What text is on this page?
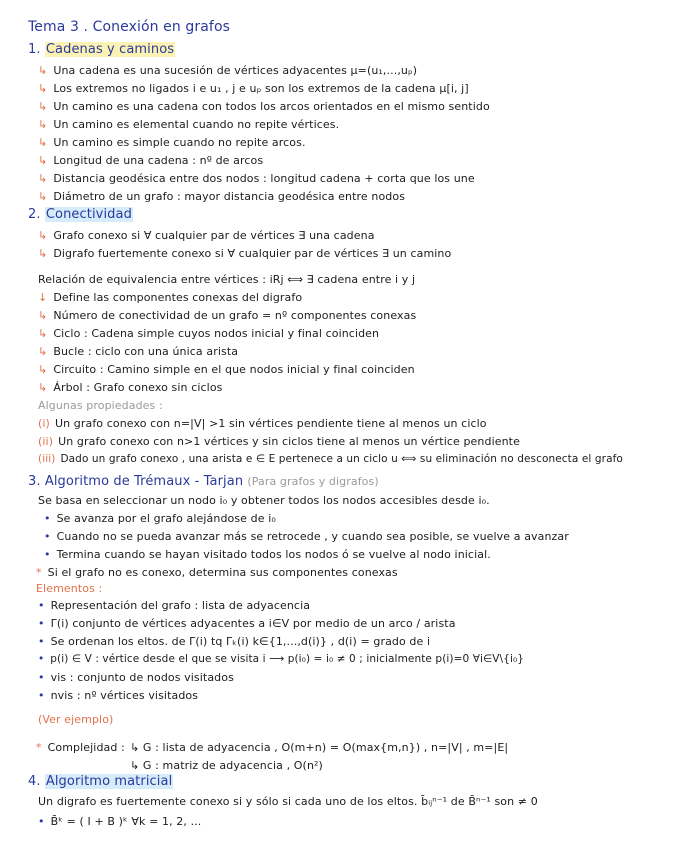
Tema 3 . Conexión en grafos
1. Cadenas y caminos
↳ Una cadena es una sucesión de vértices adyacentes μ=(u₁,...,uₚ)
↳ Los extremos no ligados i e u₁ , j e uₚ son los extremos de la cadena μ[i, j]
↳ Un camino es una cadena con todos los arcos orientados en el mismo sentido
↳ Un camino es elemental cuando no repite vértices.
↳ Un camino es simple cuando no repite arcos.
↳ Longitud de una cadena : nº de arcos
↳ Distancia geodésica entre dos nodos : longitud cadena + corta que los une
↳ Diámetro de un grafo : mayor distancia geodésica entre nodos
2. Conectividad
↳ Grafo conexo si ∀ cualquier par de vértices ∃ una cadena
↳ Digrafo fuertemente conexo si ∀ cualquier par de vértices ∃ un camino
Relación de equivalencia entre vértices : iRj ⟺ ∃ cadena entre i y j
↓ Define las componentes conexas del digrafo
↳ Número de conectividad de un grafo = nº componentes conexas
↳ Ciclo : Cadena simple cuyos nodos inicial y final coinciden
↳ Bucle : ciclo con una única arista
↳ Circuito : Camino simple en el que nodos inicial y final coinciden
↳ Árbol : Grafo conexo sin ciclos
Algunas propiedades :
(i) Un grafo conexo con n=|V| >1 sin vértices pendiente tiene al menos un ciclo
(ii) Un grafo conexo con n>1 vértices y sin ciclos tiene al menos un vértice pendiente
(iii) Dado un grafo conexo , una arista e ∈ E pertenece a un ciclo u ⟺ su eliminación no desconecta el grafo
3. Algoritmo de Trémaux - Tarjan (Para grafos y digrafos)
Se basa en seleccionar un nodo i₀ y obtener todos los nodos accesibles desde i₀.
• Se avanza por el grafo alejándose de i₀
• Cuando no se pueda avanzar más se retrocede , y cuando sea posible, se vuelve a avanzar
• Termina cuando se hayan visitado todos los nodos ó se vuelve al nodo inicial.
* Si el grafo no es conexo, determina sus componentes conexas
Elementos :
• Representación del grafo : lista de adyacencia
• Γ(i) conjunto de vértices adyacentes a i∈V por medio de un arco / arista
• Se ordenan los eltos. de Γ(i) tq Γₖ(i) k∈{1,...,d(i)} , d(i) = grado de i
• p(i) ∈ V : vértice desde el que se visita i ⟶ p(i₀) = i₀ ≠ 0 ; inicialmente p(i)=0 ∀i∈V\{i₀}
• vis : conjunto de nodos visitados
• nvis : nº vértices visitados
(Ver ejemplo)
* Complejidad : ↳ G : lista de adyacencia , O(m+n) = O(max{m,n}) , n=|V| , m=|E|
↳ G : matriz de adyacencia , O(n²)
4. Algoritmo matricial
Un digrafo es fuertemente conexo si y sólo si cada uno de los eltos. b̄ᵢⱼⁿ⁻¹ de B̄ⁿ⁻¹ son ≠ 0
• B̄ᵏ = ( I + B )ᵏ ∀k = 1, 2, ...
